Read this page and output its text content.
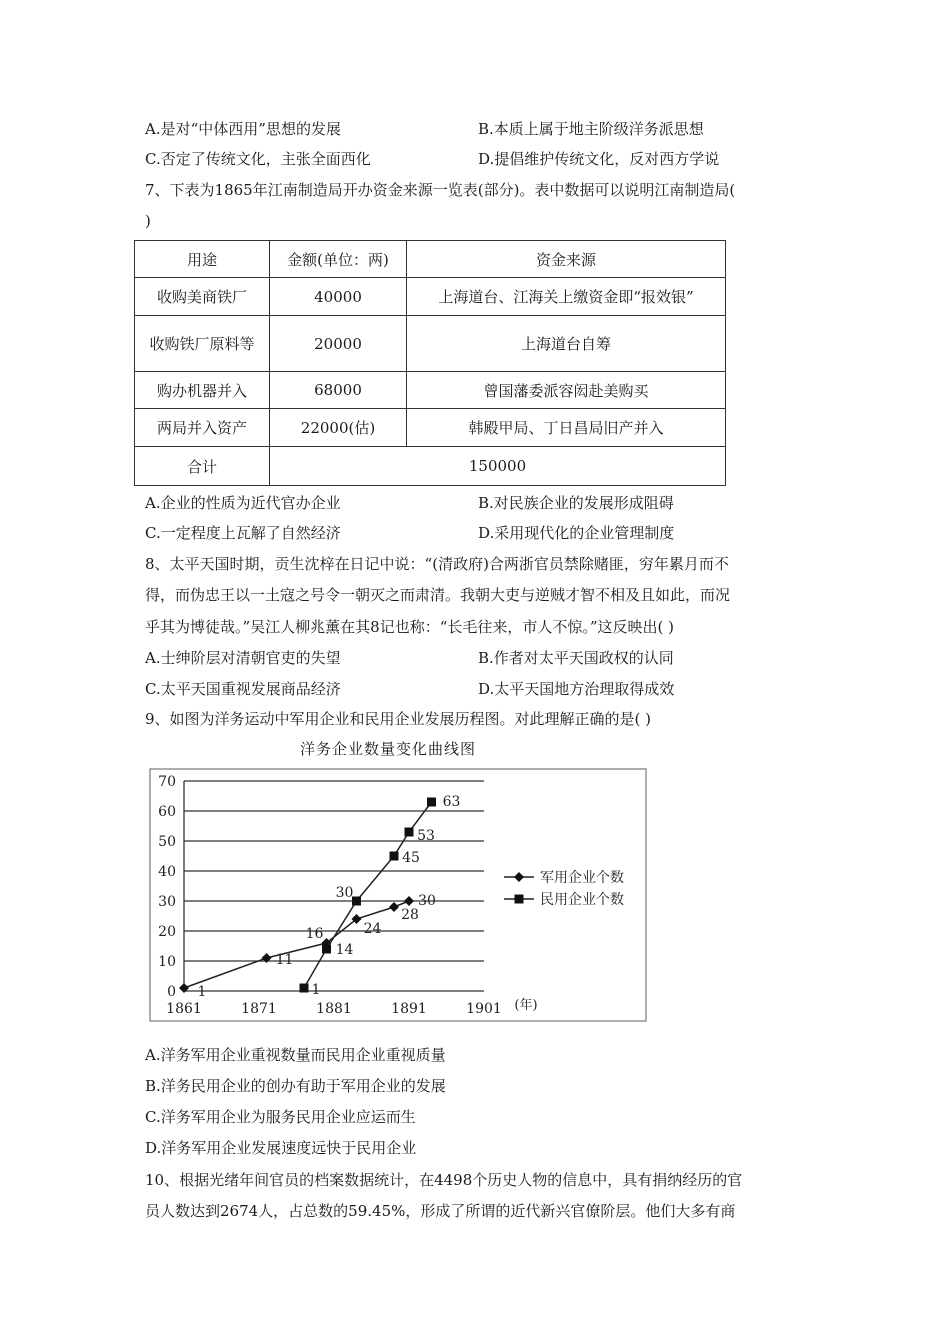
A.是对“中体西用”思想的发展	B.本质上属于地主阶级洋务派思想
C.否定了传统文化，主张全面西化	D.提倡维护传统文化，反对西方学说
7、下表为1865年江南制造局开办资金来源一览表(部分)。表中数据可以说明江南制造局(
)
用途	金额(单位：两)	资金来源
收购美商铁厂	40000	上海道台、江海关上缴资金即“报效银”
收购铁厂原料等	20000	上海道台自筹
购办机器并入	68000	曾国藩委派容闳赴美购买
两局并入资产	22000(估)	韩殿甲局、丁日昌局旧产并入
合计	150000	
A.企业的性质为近代官办企业	B.对民族企业的发展形成阻碍
C.一定程度上瓦解了自然经济	D.采用现代化的企业管理制度
8、太平天国时期，贡生沈梓在日记中说：“(清政府)合两浙官员禁除赌匪，穷年累月而不
得，而伪忠王以一土寇之号令一朝灭之而肃清。我朝大吏与逆贼才智不相及且如此，而况
乎其为博徒哉。”吴江人柳兆薰在其8记也称：“长毛往来，市人不惊。”这反映出( )
A.士绅阶层对清朝官吏的失望	B.作者对太平天国政权的认同
C.太平天国重视发展商品经济	D.太平天国地方治理取得成效
9、如图为洋务运动中军用企业和民用企业发展历程图。对此理解正确的是( )
洋务企业数量变化曲线图
0
10
20
30
40
50
60
70
1861	1871	1881	1891	1901 (年)
1
11
16	24
28
30
1
14
30
45
53
63
军用企业个数
民用企业个数
A.洋务军用企业重视数量而民用企业重视质量
B.洋务民用企业的创办有助于军用企业的发展
C.洋务军用企业为服务民用企业应运而生
D.洋务军用企业发展速度远快于民用企业
10、根据光绪年间官员的档案数据统计，在4498个历史人物的信息中，具有捐纳经历的官
员人数达到2674人，占总数的59.45%，形成了所谓的近代新兴官僚阶层。他们大多有商
